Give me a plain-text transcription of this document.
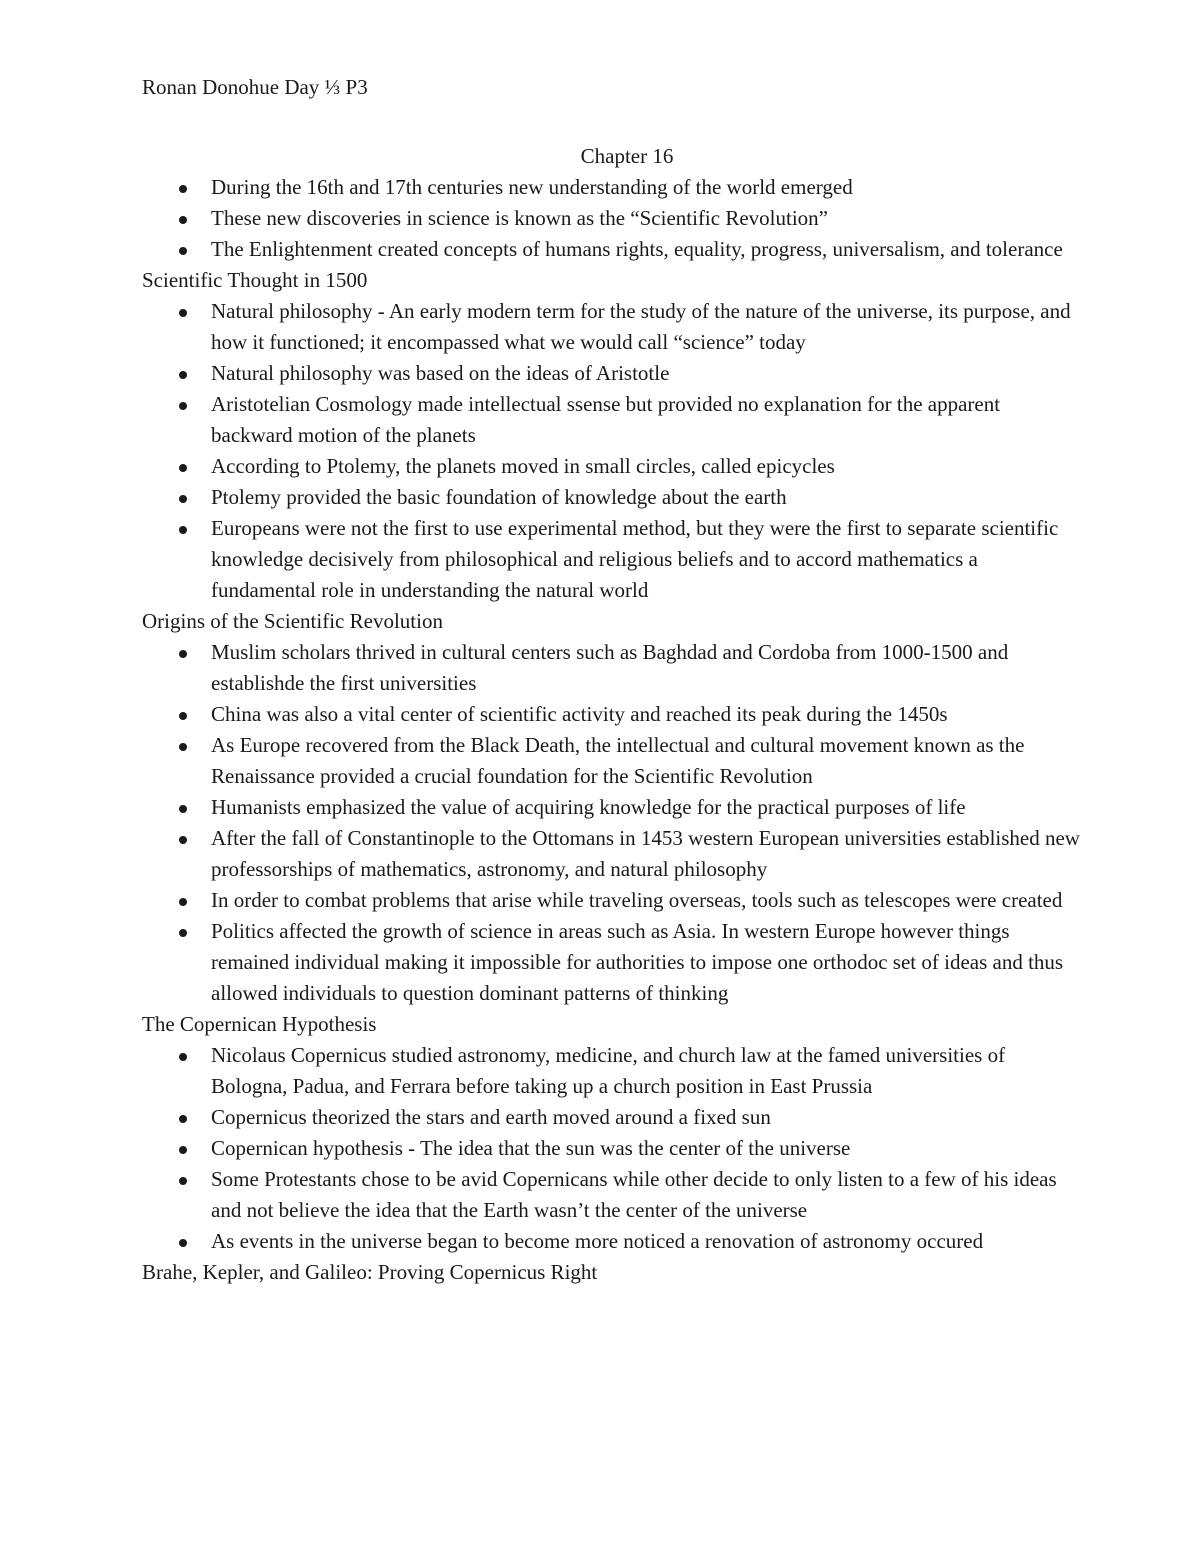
Ronan Donohue Day ⅓ P3
Chapter 16
During the 16th and 17th centuries new understanding of the world emerged
These new discoveries in science is known as the “Scientific Revolution”
The Enlightenment created concepts of humans rights, equality, progress, universalism, and tolerance
Scientific Thought in 1500
Natural philosophy - An early modern term for the study of the nature of the universe, its purpose, and how it functioned; it encompassed what we would call “science” today
Natural philosophy was based on the ideas of Aristotle
Aristotelian Cosmology made intellectual ssense but provided no explanation for the apparent backward motion of the planets
According to Ptolemy, the planets moved in small circles, called epicycles
Ptolemy provided the basic foundation of knowledge about the earth
Europeans were not the first to use experimental method, but they were the first to separate scientific knowledge decisively from philosophical and religious beliefs and to accord mathematics a fundamental role in understanding the natural world
Origins of the Scientific Revolution
Muslim scholars thrived in cultural centers such as Baghdad and Cordoba from 1000-1500 and establishde the first universities
China was also a vital center of scientific activity and reached its peak during the 1450s
As Europe recovered from the Black Death, the intellectual and cultural movement known as the Renaissance provided a crucial foundation for the Scientific Revolution
Humanists emphasized the value of acquiring knowledge for the practical purposes of life
After the fall of Constantinople to the Ottomans in 1453 western European universities established new professorships of mathematics, astronomy, and natural philosophy
In order to combat problems that arise while traveling overseas, tools such as telescopes were created
Politics affected the growth of science in areas such as Asia. In western Europe however things remained individual making it impossible for authorities to impose one orthodoc set of ideas and thus allowed individuals to question dominant patterns of thinking
The Copernican Hypothesis
Nicolaus Copernicus studied astronomy, medicine, and church law at the famed universities of Bologna, Padua, and Ferrara before taking up a church position in East Prussia
Copernicus theorized the stars and earth moved around a fixed sun
Copernican hypothesis - The idea that the sun was the center of the universe
Some Protestants chose to be avid Copernicans while other decide to only listen to a few of his ideas and not believe the idea that the Earth wasn’t the center of the universe
As events in the universe began to become more noticed a renovation of astronomy occured
Brahe, Kepler, and Galileo: Proving Copernicus Right
